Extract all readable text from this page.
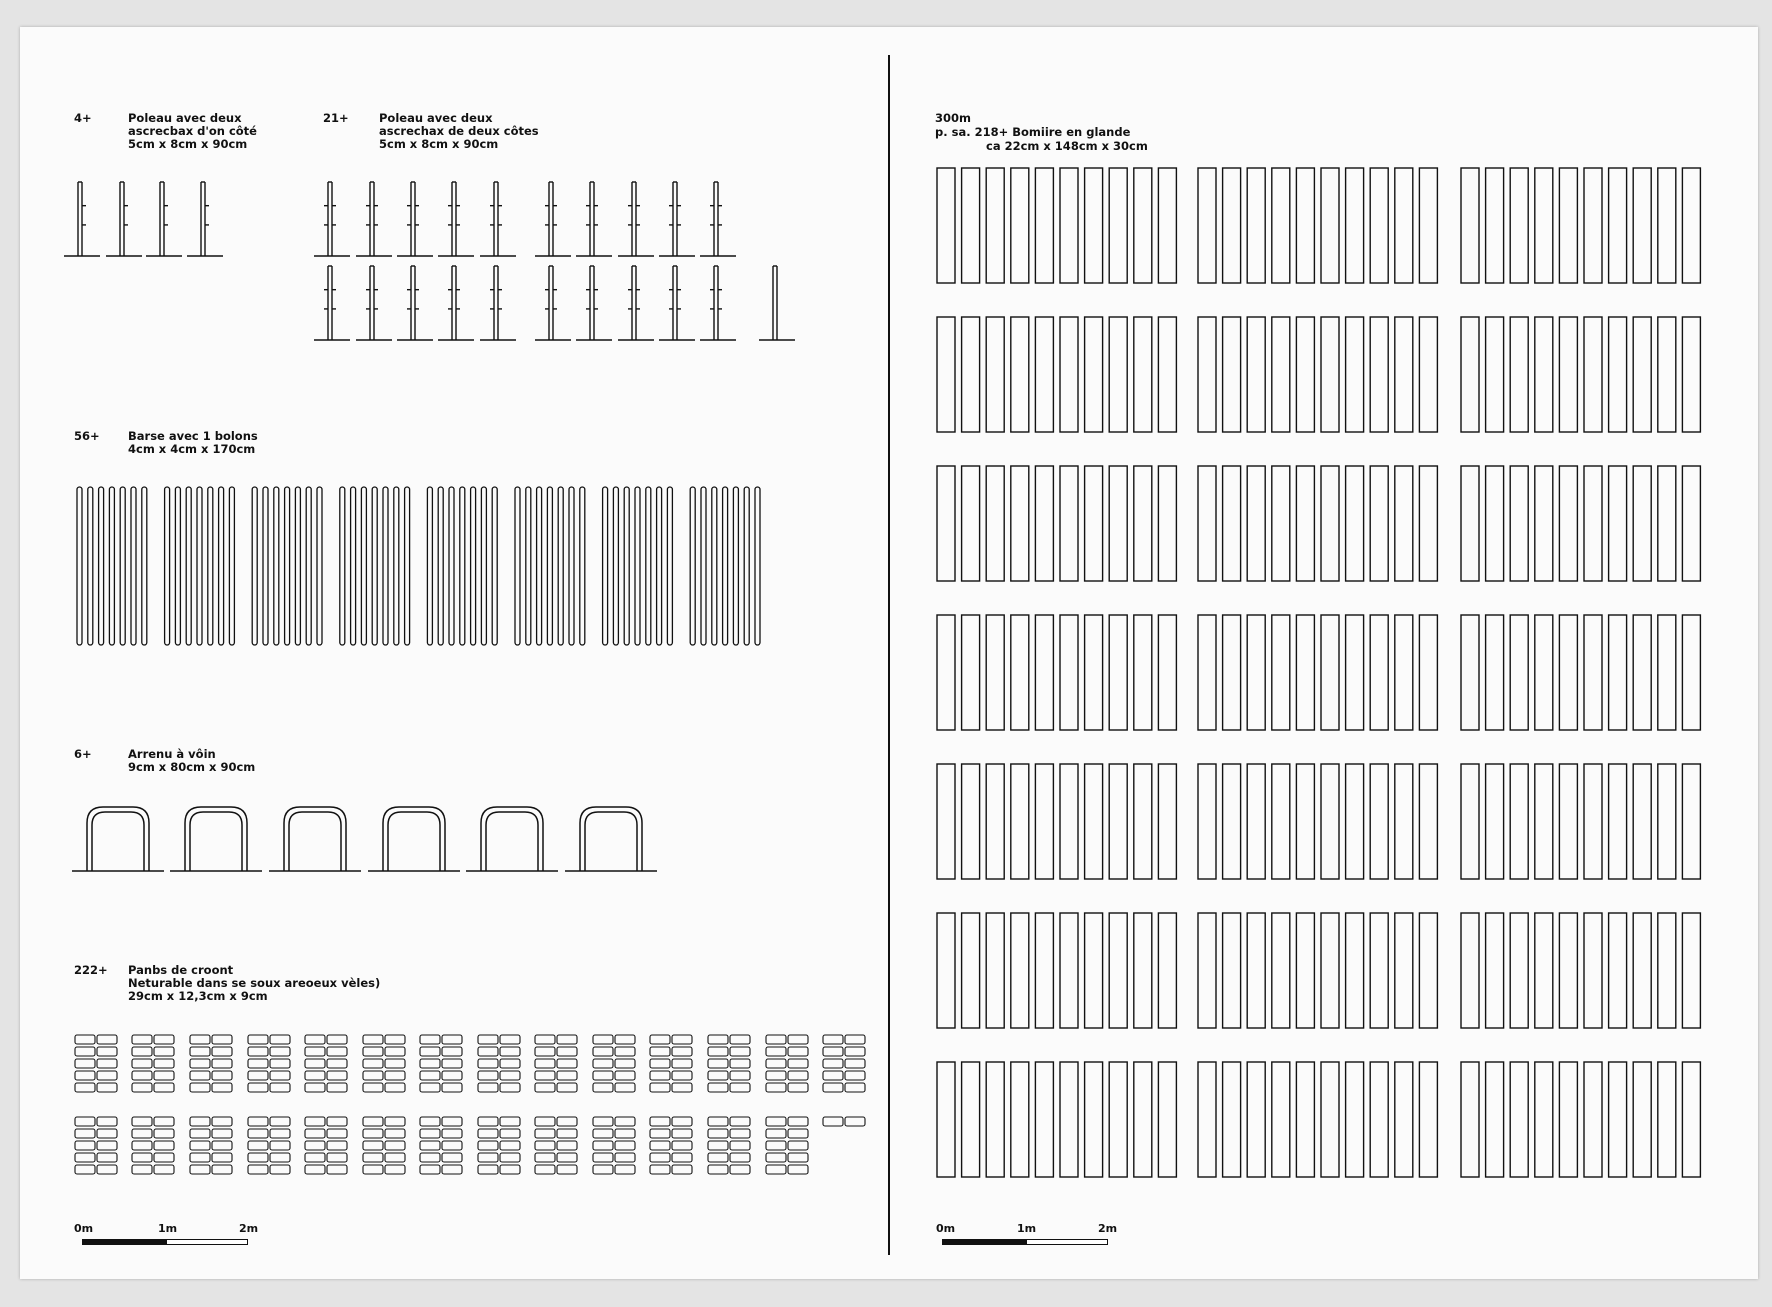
4+	Poleau avec deux
ascrecbax d'on côté
5cm x 8cm x 90cm
21+	Poleau avec deux
ascrechax de deux côtes
5cm x 8cm x 90cm
56+ Barse avec 1 bolons
4cm x 4cm x 170cm
6+	Arrenu à vôin
9cm x 80cm x 90cm
222+ Panbs de croont
Neturable dans se soux areoeux vèles)
29cm x 12,3cm x 9cm
300m
p. sa. 218+ Bomiire en glande
ca 22cm x 148cm x 30cm
0m	1m	2m	0m	1m	2m
